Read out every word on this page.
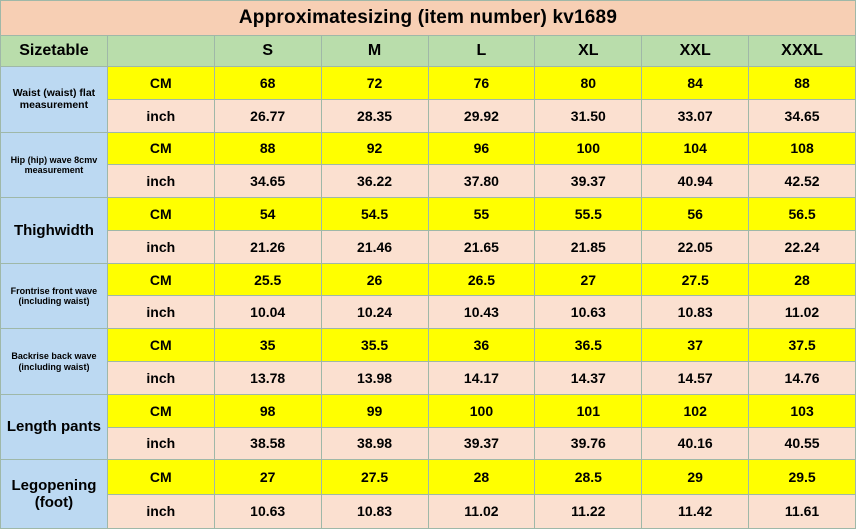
Approximatesizing (item number) kv1689							
Sizetable		S	M	L	XL	XXL	XXXL
Waist (waist) flat measurement	CM	68	72	76	80	84	88
	inch	26.77	28.35	29.92	31.50	33.07	34.65
Hip (hip) wave 8cmv measurement	CM	88	92	96	100	104	108
	inch	34.65	36.22	37.80	39.37	40.94	42.52
Thighwidth	CM	54	54.5	55	55.5	56	56.5
	inch	21.26	21.46	21.65	21.85	22.05	22.24
Frontrise front wave (including waist)	CM	25.5	26	26.5	27	27.5	28
	inch	10.04	10.24	10.43	10.63	10.83	11.02
Backrise back wave (including waist)	CM	35	35.5	36	36.5	37	37.5
	inch	13.78	13.98	14.17	14.37	14.57	14.76
Length pants	CM	98	99	100	101	102	103
	inch	38.58	38.98	39.37	39.76	40.16	40.55
Legopening (foot)	CM	27	27.5	28	28.5	29	29.5
	inch	10.63	10.83	11.02	11.22	11.42	11.61
